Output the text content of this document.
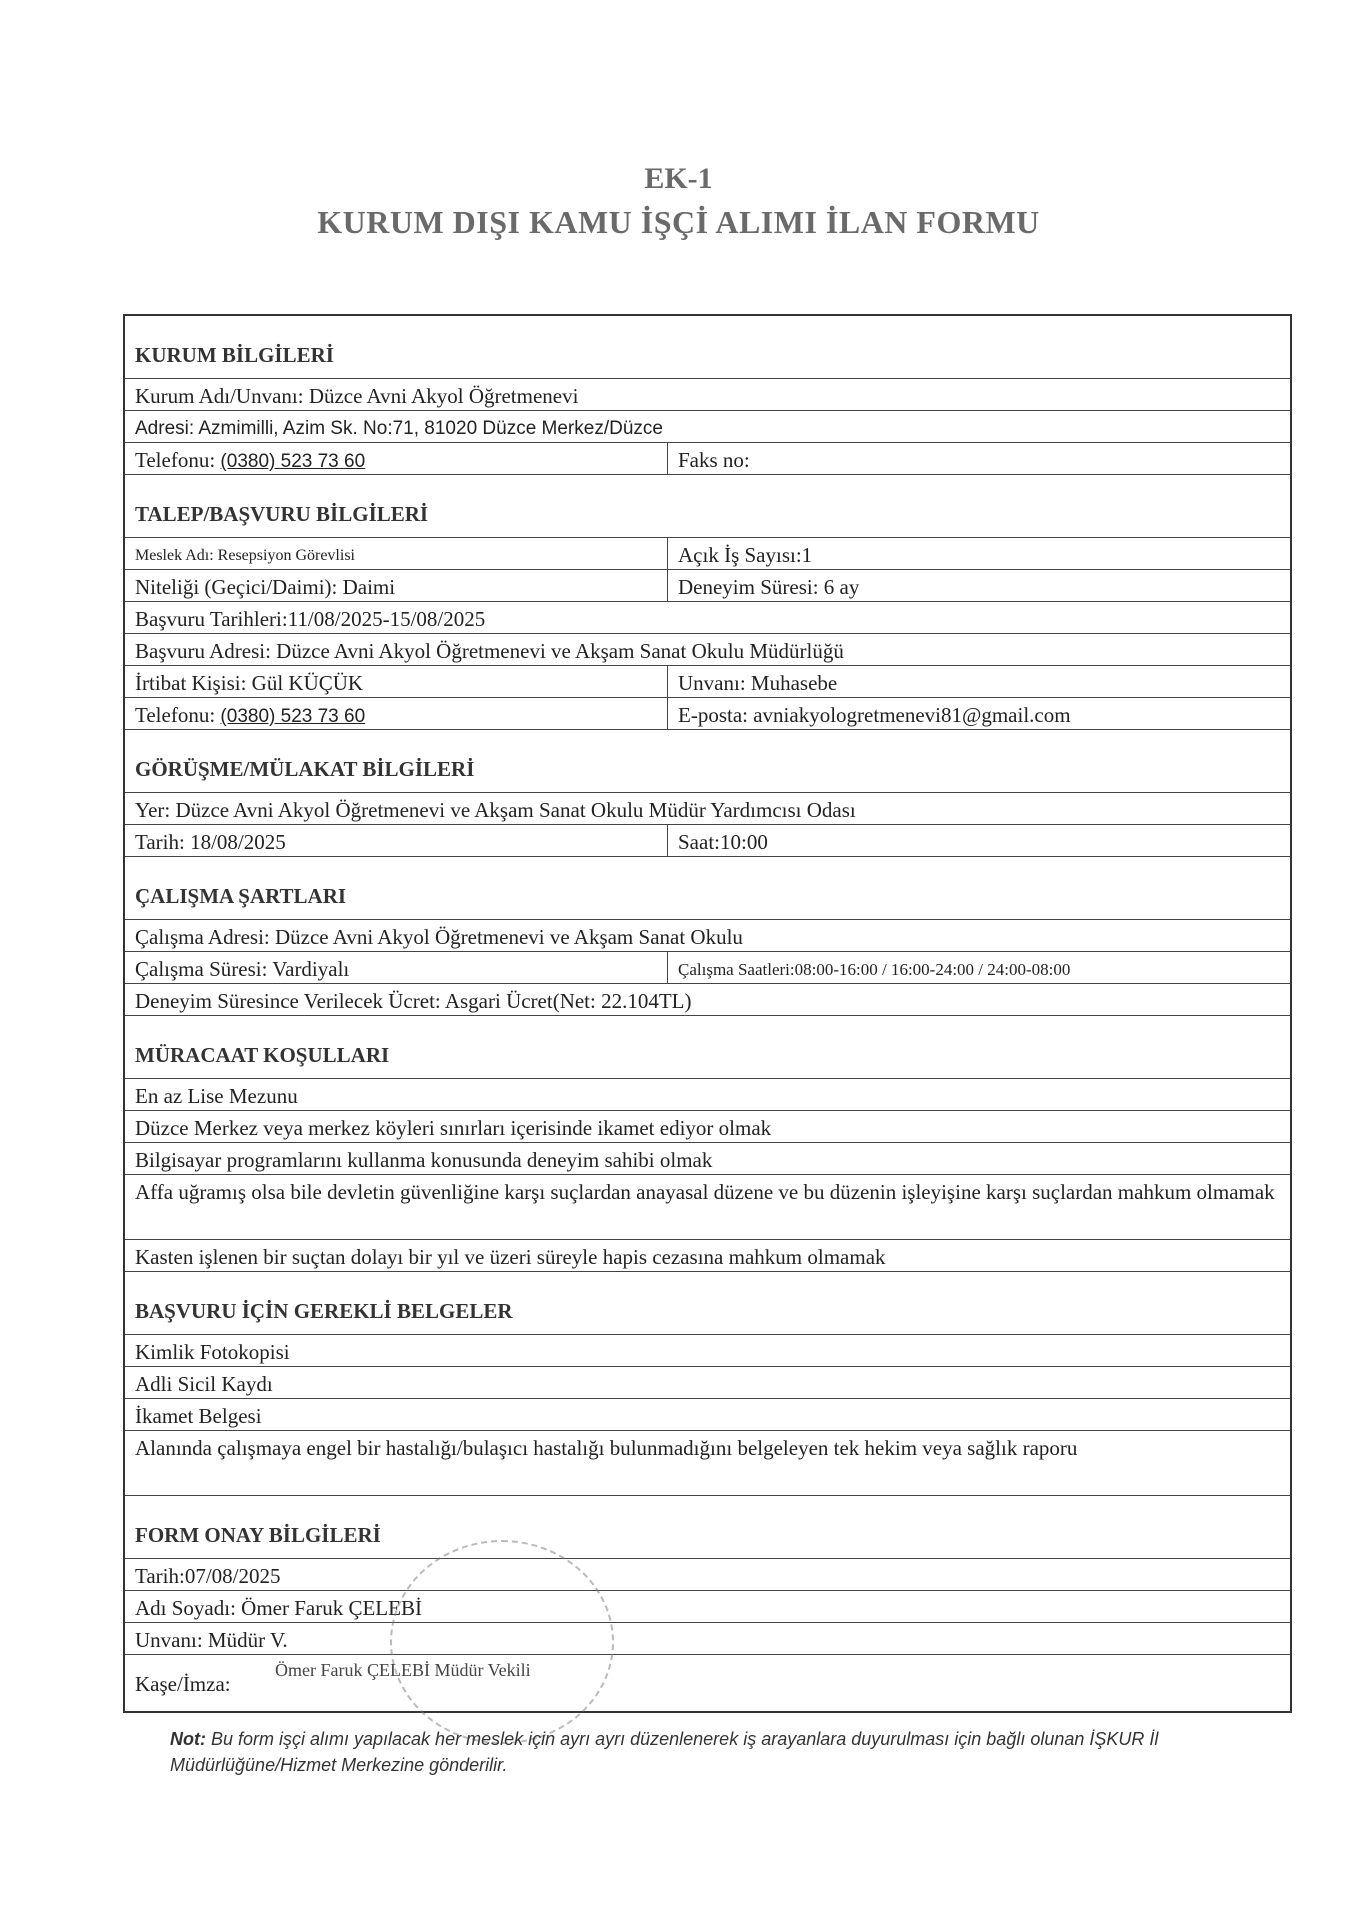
EK-1
KURUM DIŞI KAMU İŞÇİ ALIMI İLAN FORMU
KURUM BİLGİLERİ
Kurum Adı/Unvanı: Düzce Avni Akyol Öğretmenevi
Adresi: Azmimilli, Azim Sk. No:71, 81020 Düzce Merkez/Düzce
Telefonu: (0380) 523 73 60	Faks no:
TALEP/BAŞVURU BİLGİLERİ
Meslek Adı: Resepsiyon Görevlisi	Açık İş Sayısı:1
Niteliği (Geçici/Daimi): Daimi	Deneyim Süresi: 6 ay
Başvuru Tarihleri:11/08/2025-15/08/2025
Başvuru Adresi: Düzce Avni Akyol Öğretmenevi ve Akşam Sanat Okulu Müdürlüğü
İrtibat Kişisi: Gül KÜÇÜK	Unvanı: Muhasebe
Telefonu: (0380) 523 73 60	E-posta: avniakyologretmenevi81@gmail.com
GÖRÜŞME/MÜLAKAT BİLGİLERİ
Yer: Düzce Avni Akyol Öğretmenevi ve Akşam Sanat Okulu Müdür Yardımcısı Odası
Tarih: 18/08/2025	Saat:10:00
ÇALIŞMA ŞARTLARI
Çalışma Adresi: Düzce Avni Akyol Öğretmenevi ve Akşam Sanat Okulu
Çalışma Süresi: Vardiyalı	Çalışma Saatleri:08:00-16:00 / 16:00-24:00 / 24:00-08:00
Deneyim Süresince Verilecek Ücret: Asgari Ücret(Net: 22.104TL)
MÜRACAAT KOŞULLARI
En az Lise Mezunu
Düzce Merkez veya merkez köyleri sınırları içerisinde ikamet ediyor olmak
Bilgisayar programlarını kullanma konusunda deneyim sahibi olmak
Affa uğramış olsa bile devletin güvenliğine karşı suçlardan anayasal düzene ve bu düzenin işleyişine karşı suçlardan mahkum olmamak
Kasten işlenen bir suçtan dolayı bir yıl ve üzeri süreyle hapis cezasına mahkum olmamak
BAŞVURU İÇİN GEREKLİ BELGELER
Kimlik Fotokopisi
Adli Sicil Kaydı
İkamet Belgesi
Alanında çalışmaya engel bir hastalığı/bulaşıcı hastalığı bulunmadığını belgeleyen tek hekim veya sağlık raporu
FORM ONAY BİLGİLERİ
Tarih:07/08/2025
Adı Soyadı: Ömer Faruk ÇELEBİ
Unvanı: Müdür V.
Kaşe/İmza:
Ömer Faruk ÇELEBİ Müdür Vekili
Not: Bu form işçi alımı yapılacak her meslek için ayrı ayrı düzenlenerek iş arayanlara duyurulması için bağlı olunan İŞKUR İl Müdürlüğüne/Hizmet Merkezine gönderilir.
